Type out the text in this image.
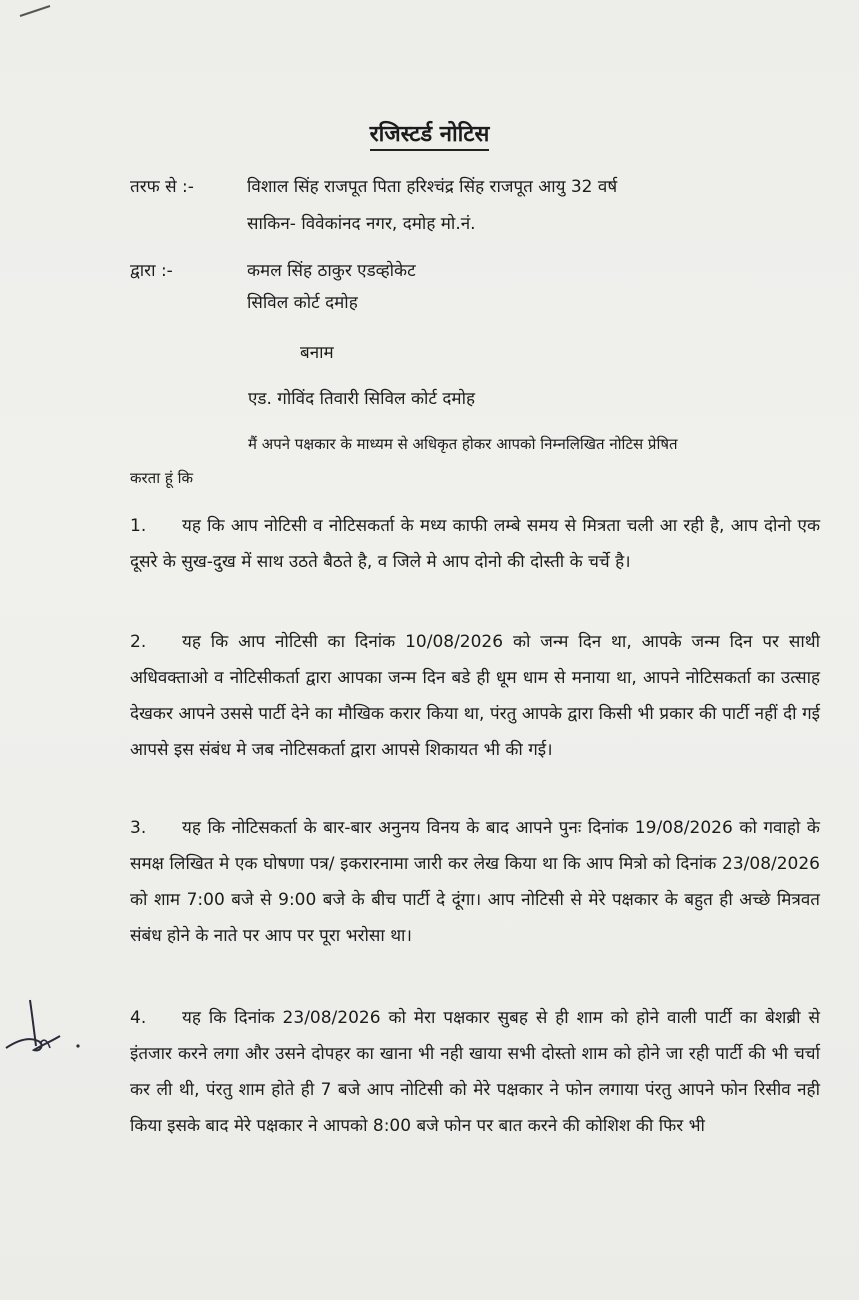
रजिस्टर्ड नोटिस
तरफ से :-	विशाल सिंह राजपूत पिता हरिश्चंद्र सिंह राजपूत आयु 32 वर्ष
साकिन- विवेकांनद नगर, दमोह मो.नं.
द्वारा :-	कमल सिंह ठाकुर एडव्होकेट
सिविल कोर्ट दमोह
बनाम
एड. गोविंद तिवारी सिविल कोर्ट दमोह
मैं अपने पक्षकार के माध्यम से अधिकृत होकर आपको निम्नलिखित नोटिस प्रेषित
करता हूं कि
1. यह कि आप नोटिसी व नोटिसकर्ता के मध्य काफी लम्बे समय से मित्रता चली आ रही है, आप दोनो एक दूसरे के सुख-दुख में साथ उठते बैठते है, व जिले मे आप दोनो की दोस्ती के चर्चे है।
2. यह कि आप नोटिसी का दिनांक 10/08/2026 को जन्म दिन था, आपके जन्म दिन पर साथी अधिवक्ताओ व नोटिसीकर्ता द्वारा आपका जन्म दिन बडे ही धूम धाम से मनाया था, आपने नोटिसकर्ता का उत्साह देखकर आपने उससे पार्टी देने का मौखिक करार किया था, पंरतु आपके द्वारा किसी भी प्रकार की पार्टी नहीं दी गई आपसे इस संबंध मे जब नोटिसकर्ता द्वारा आपसे शिकायत भी की गई।
3. यह कि नोटिसकर्ता के बार-बार अनुनय विनय के बाद आपने पुनः दिनांक 19/08/2026 को गवाहो के समक्ष लिखित मे एक घोषणा पत्र/ इकरारनामा जारी कर लेख किया था कि आप मित्रो को दिनांक 23/08/2026 को शाम 7:00 बजे से 9:00 बजे के बीच पार्टी दे दूंगा। आप नोटिसी से मेरे पक्षकार के बहुत ही अच्छे मित्रवत संबंध होने के नाते पर आप पर पूरा भरोसा था।
4. यह कि दिनांक 23/08/2026 को मेरा पक्षकार सुबह से ही शाम को होने वाली पार्टी का बेशब्री से इंतजार करने लगा और उसने दोपहर का खाना भी नही खाया सभी दोस्तो शाम को होने जा रही पार्टी की भी चर्चा कर ली थी, पंरतु शाम होते ही 7 बजे आप नोटिसी को मेरे पक्षकार ने फोन लगाया पंरतु आपने फोन रिसीव नही किया इसके बाद मेरे पक्षकार ने आपको 8:00 बजे फोन पर बात करने की कोशिश की फिर भी
